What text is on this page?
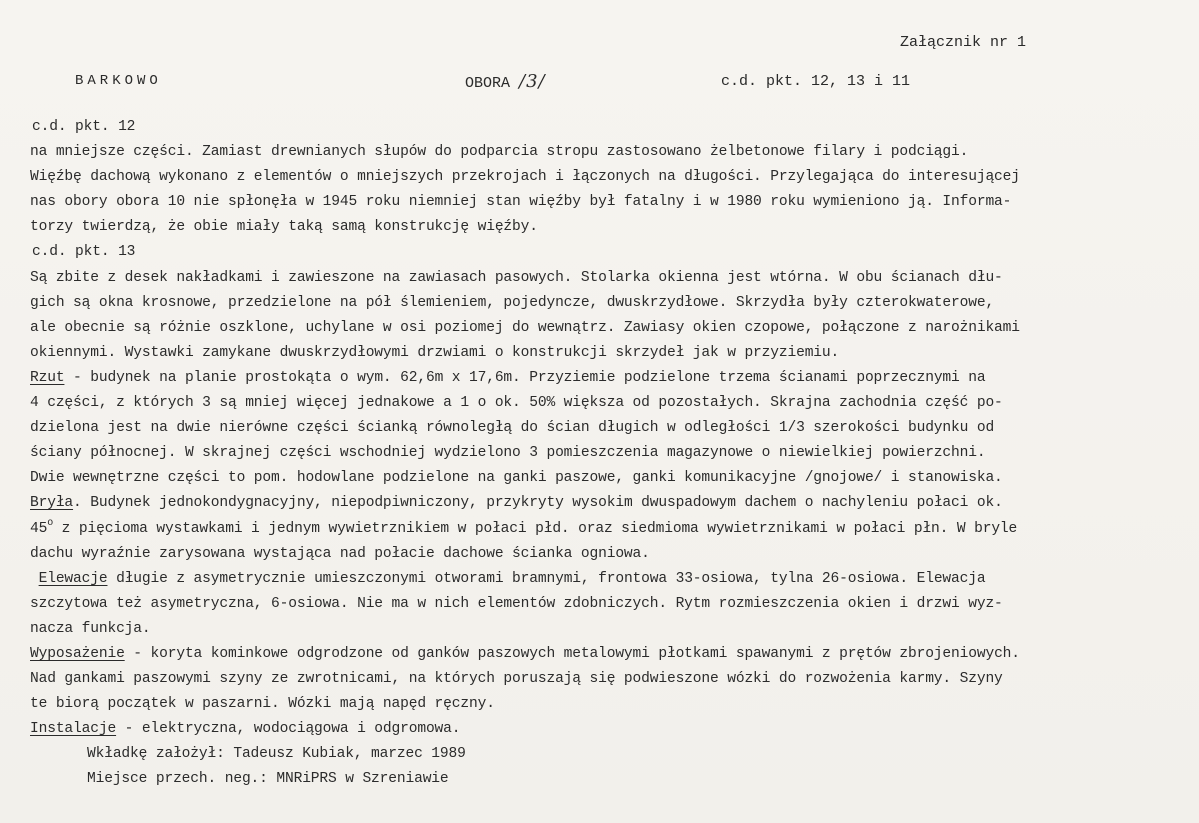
Załącznik nr 1
BARKOWO	OBORA /3/	c.d. pkt. 12, 13 i 11
c.d. pkt. 12
na mniejsze części. Zamiast drewnianych słupów do podparcia stropu zastosowano żelbetonowe filary i podciągi.
Więźbę dachową wykonano z elementów o mniejszych przekrojach i łączonych na długości. Przylegająca do interesującej
nas obory obora 10 nie spłonęła w 1945 roku niemniej stan więźby był fatalny i w 1980 roku wymieniono ją. Informa-
torzy twierdzą, że obie miały taką samą konstrukcję więźby.
c.d. pkt. 13
Są zbite z desek nakładkami i zawieszone na zawiasach pasowych. Stolarka okienna jest wtórna. W obu ścianach dłu-
gich są okna krosnowe, przedzielone na pół ślemieniem, pojedyncze, dwuskrzydłowe. Skrzydła były czterokwaterowe,
ale obecnie są różnie oszklone, uchylane w osi poziomej do wewnątrz. Zawiasy okien czopowe, połączone z narożnikami
okiennymi. Wystawki zamykane dwuskrzydłowymi drzwiami o konstrukcji skrzydeł jak w przyziemiu.
Rzut - budynek na planie prostokąta o wym. 62,6m x 17,6m. Przyziemie podzielone trzema ścianami poprzecznymi na
4 części, z których 3 są mniej więcej jednakowe a 1 o ok. 50% większa od pozostałych. Skrajna zachodnia część po-
dzielona jest na dwie nierówne części ścianką równoległą do ścian długich w odległości 1/3 szerokości budynku od
ściany północnej. W skrajnej części wschodniej wydzielono 3 pomieszczenia magazynowe o niewielkiej powierzchni.
Dwie wewnętrzne części to pom. hodowlane podzielone na ganki paszowe, ganki komunikacyjne /gnojowe/ i stanowiska.
Bryła. Budynek jednokondygnacyjny, niepodpiwniczony, przykryty wysokim dwuspadowym dachem o nachyleniu połaci ok.
45$^o$ z pięcioma wystawkami i jednym wywietrznikiem w połaci płd. oraz siedmioma wywietrznikami w połaci płn. W bryle
dachu wyraźnie zarysowana wystająca nad połacie dachowe ścianka ogniowa.
Elewacje długie z asymetrycznie umieszczonymi otworami bramnymi, frontowa 33-osiowa, tylna 26-osiowa. Elewacja
szczytowa też asymetryczna, 6-osiowa. Nie ma w nich elementów zdobniczych. Rytm rozmieszczenia okien i drzwi wyz-
nacza funkcja.
Wyposażenie - koryta kominkowe odgrodzone od ganków paszowych metalowymi płotkami spawanymi z prętów zbrojeniowych.
Nad gankami paszowymi szyny ze zwrotnicami, na których poruszają się podwieszone wózki do rozwożenia karmy. Szyny
te biorą początek w paszarni. Wózki mają napęd ręczny.
Instalacje - elektryczna, wodociągowa i odgromowa.
Wkładkę założył: Tadeusz Kubiak, marzec 1989
Miejsce przech. neg.: MNRiPRS w Szreniawie
